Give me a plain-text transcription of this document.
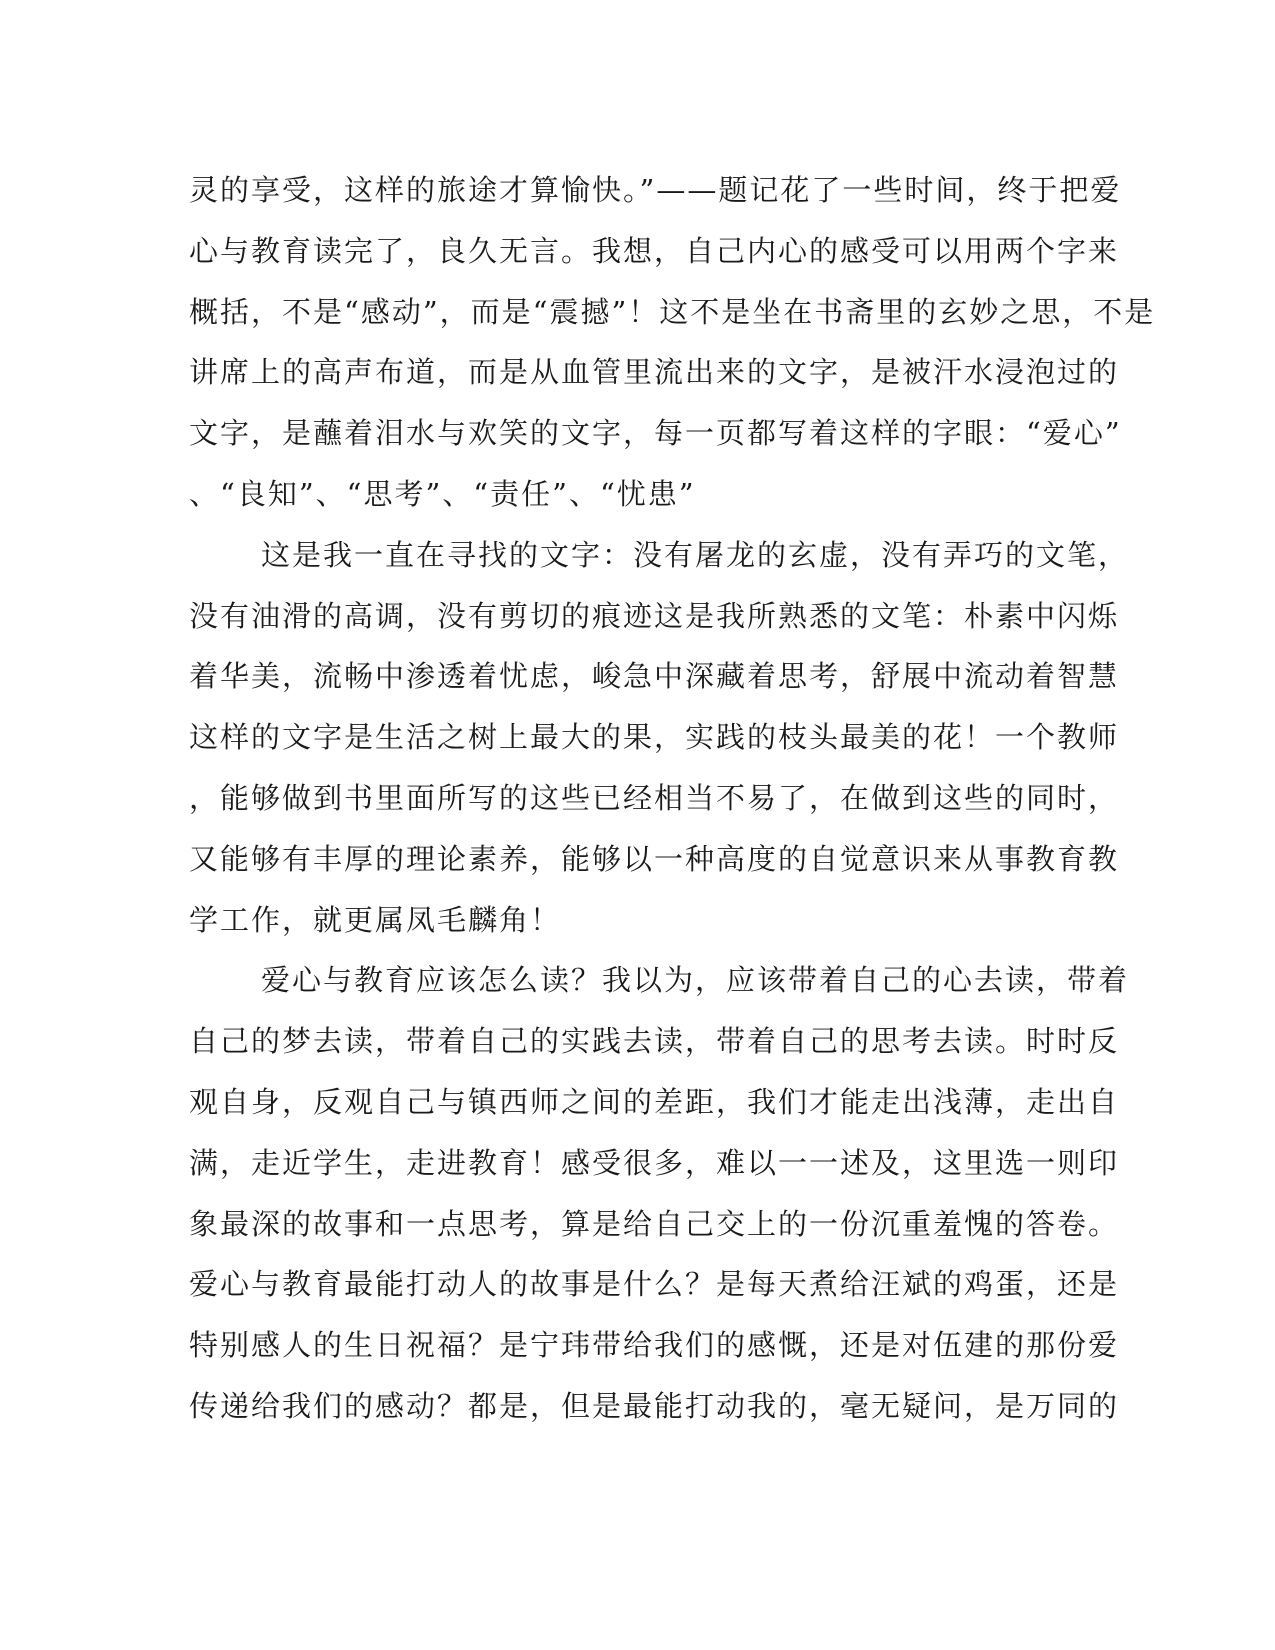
灵的享受，这样的旅途才算愉快。”——题记花了一些时间，终于把爱
心与教育读完了，良久无言。我想，自己内心的感受可以用两个字来
概括，不是“感动”，而是“震撼”！这不是坐在书斋里的玄妙之思，不是
讲席上的高声布道，而是从血管里流出来的文字，是被汗水浸泡过的
文字，是蘸着泪水与欢笑的文字，每一页都写着这样的字眼：“爱心”
、“良知”、“思考”、“责任”、“忧患”
这是我一直在寻找的文字：没有屠龙的玄虚，没有弄巧的文笔，
没有油滑的高调，没有剪切的痕迹这是我所熟悉的文笔：朴素中闪烁
着华美，流畅中渗透着忧虑，峻急中深藏着思考，舒展中流动着智慧
这样的文字是生活之树上最大的果，实践的枝头最美的花！一个教师
，能够做到书里面所写的这些已经相当不易了，在做到这些的同时，
又能够有丰厚的理论素养，能够以一种高度的自觉意识来从事教育教
学工作，就更属凤毛麟角！
爱心与教育应该怎么读？我以为，应该带着自己的心去读，带着
自己的梦去读，带着自己的实践去读，带着自己的思考去读。时时反
观自身，反观自己与镇西师之间的差距，我们才能走出浅薄，走出自
满，走近学生，走进教育！感受很多，难以一一述及，这里选一则印
象最深的故事和一点思考，算是给自己交上的一份沉重羞愧的答卷。
爱心与教育最能打动人的故事是什么？是每天煮给汪斌的鸡蛋，还是
特别感人的生日祝福？是宁玮带给我们的感慨，还是对伍建的那份爱
传递给我们的感动？都是，但是最能打动我的，毫无疑问，是万同的
